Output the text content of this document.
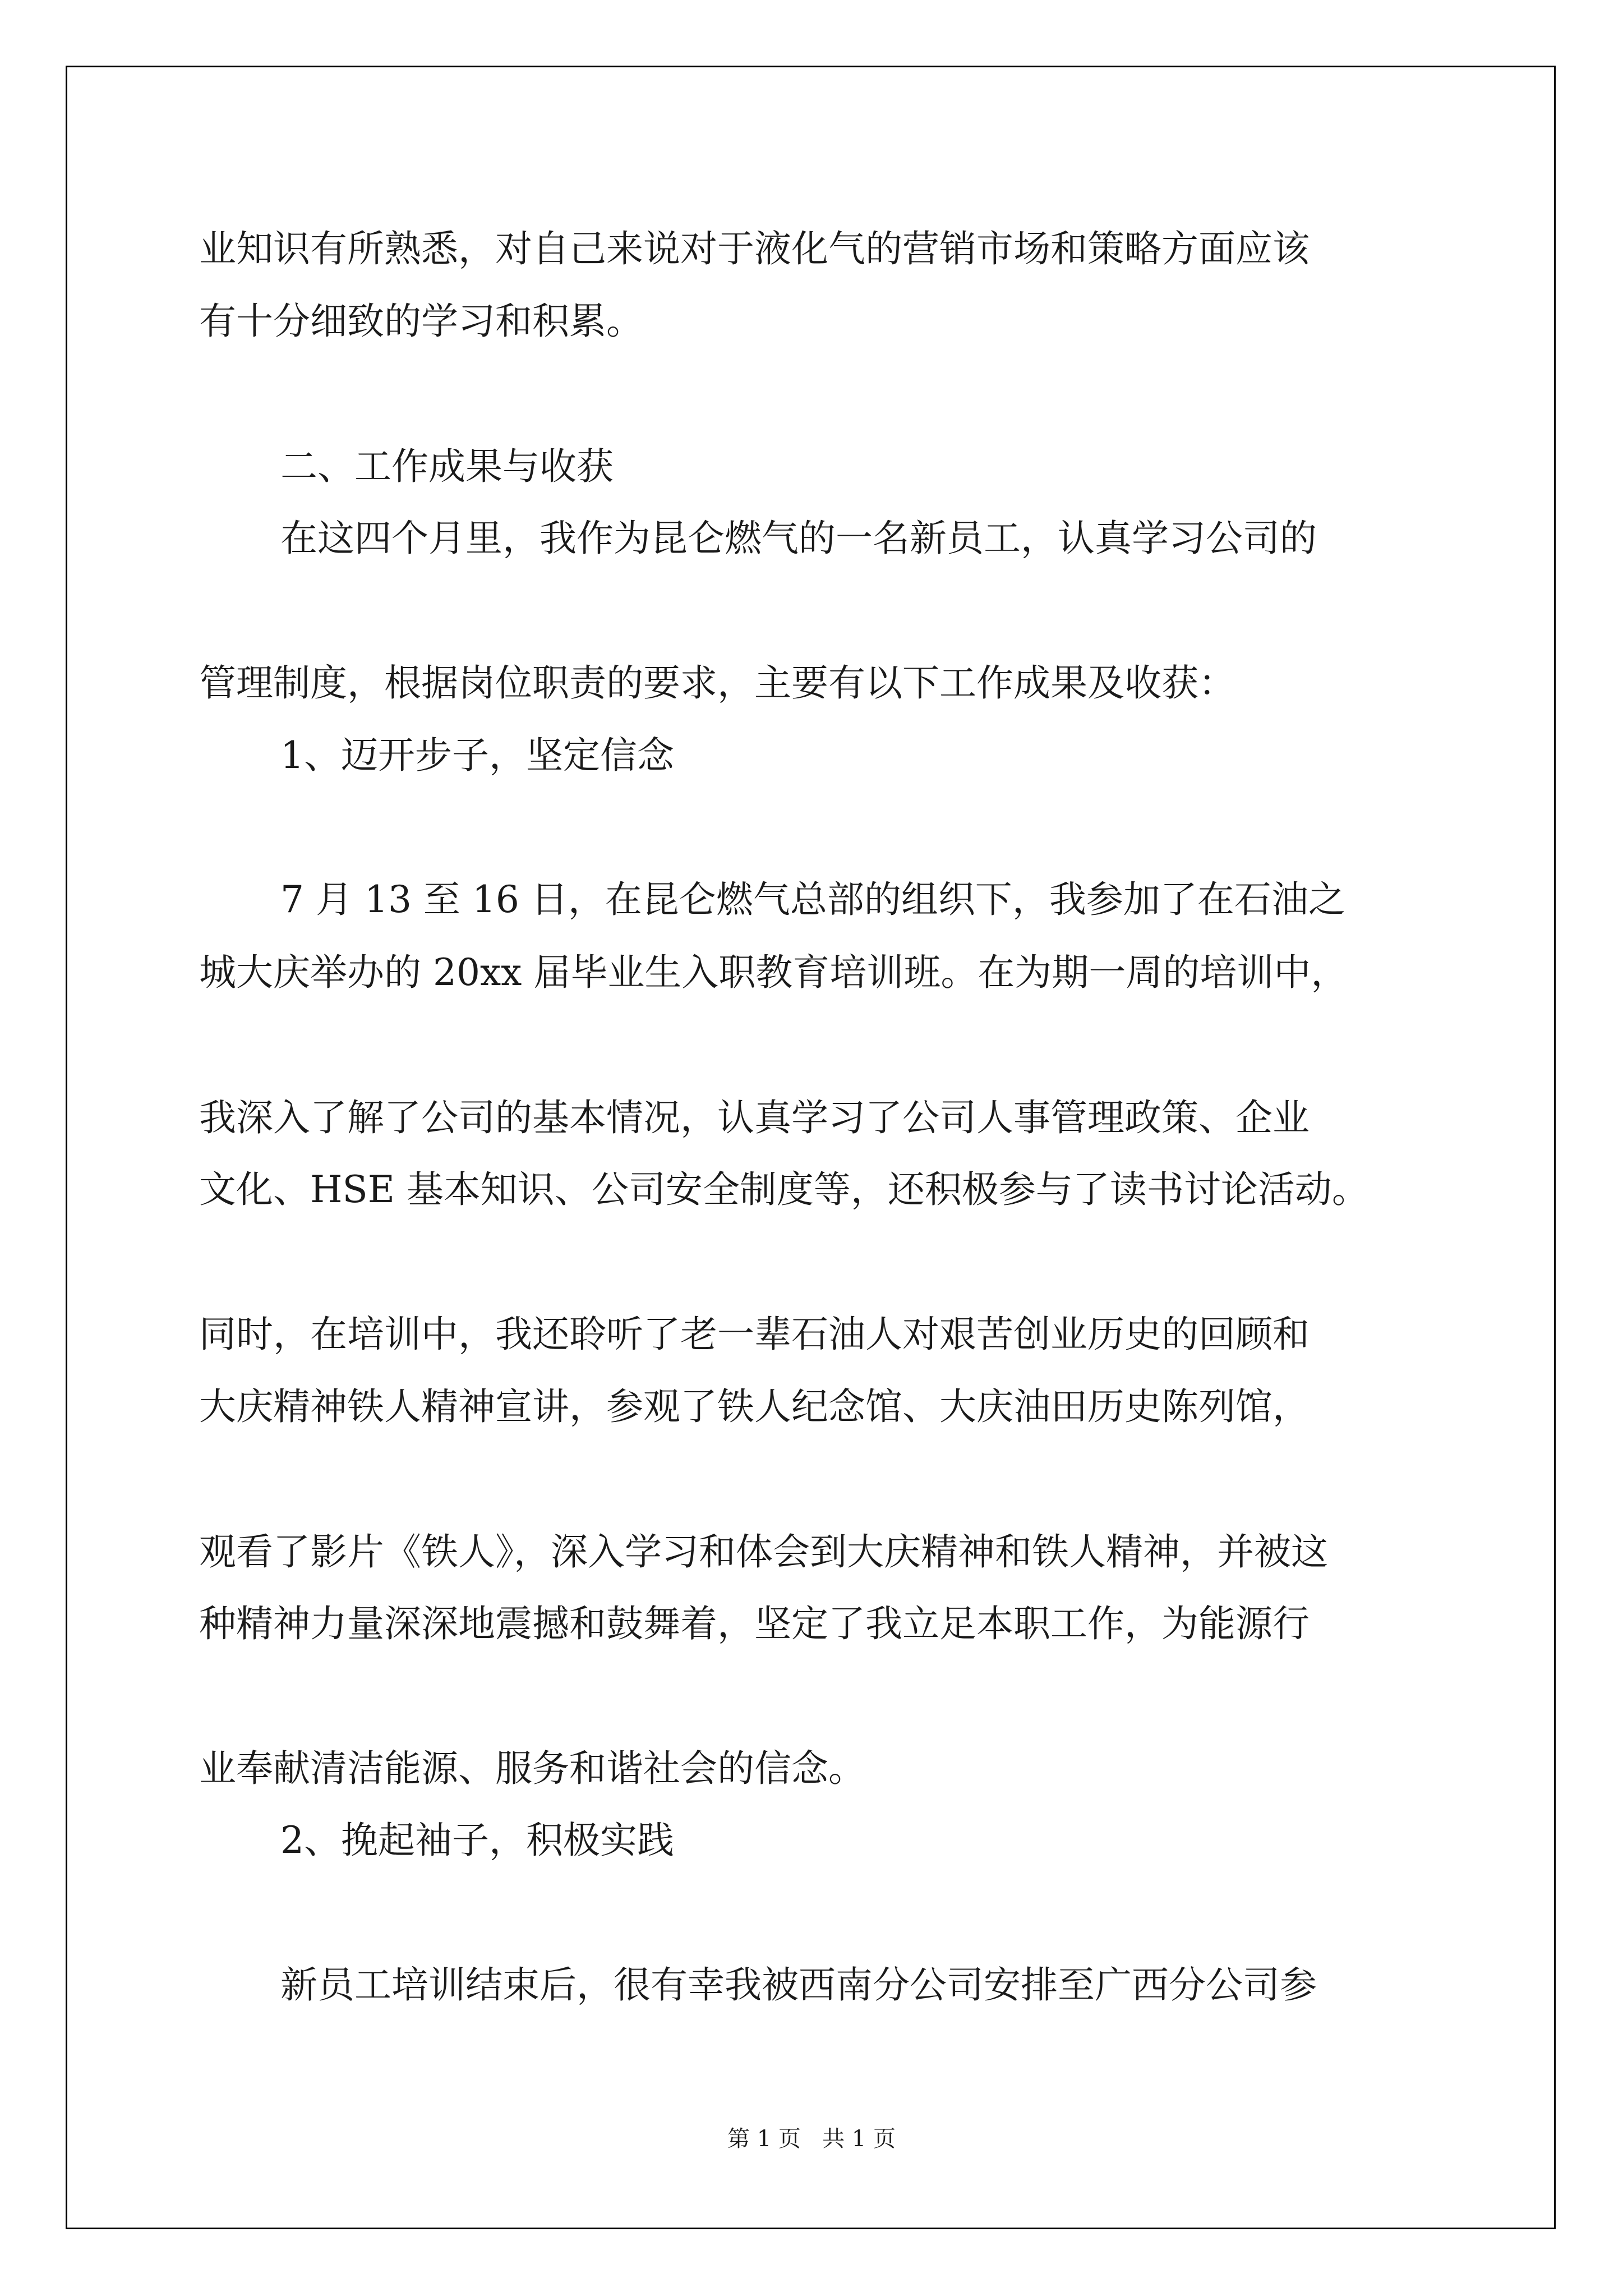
业知识有所熟悉，对自己来说对于液化气的营销市场和策略方面应该
有十分细致的学习和积累。
二、工作成果与收获
在这四个月里，我作为昆仑燃气的一名新员工，认真学习公司的
管理制度，根据岗位职责的要求，主要有以下工作成果及收获：
1、迈开步子，坚定信念
7 月 13 至 16 日，在昆仑燃气总部的组织下，我参加了在石油之
城大庆举办的 20xx 届毕业生入职教育培训班。在为期一周的培训中，
我深入了解了公司的基本情况，认真学习了公司人事管理政策、企业
文化、HSE 基本知识、公司安全制度等，还积极参与了读书讨论活动。
同时，在培训中，我还聆听了老一辈石油人对艰苦创业历史的回顾和
大庆精神铁人精神宣讲，参观了铁人纪念馆、大庆油田历史陈列馆，
观看了影片《铁人》，深入学习和体会到大庆精神和铁人精神，并被这
种精神力量深深地震撼和鼓舞着，坚定了我立足本职工作，为能源行
业奉献清洁能源、服务和谐社会的信念。
2、挽起袖子，积极实践
新员工培训结束后，很有幸我被西南分公司安排至广西分公司参
第 1 页   共 1 页
